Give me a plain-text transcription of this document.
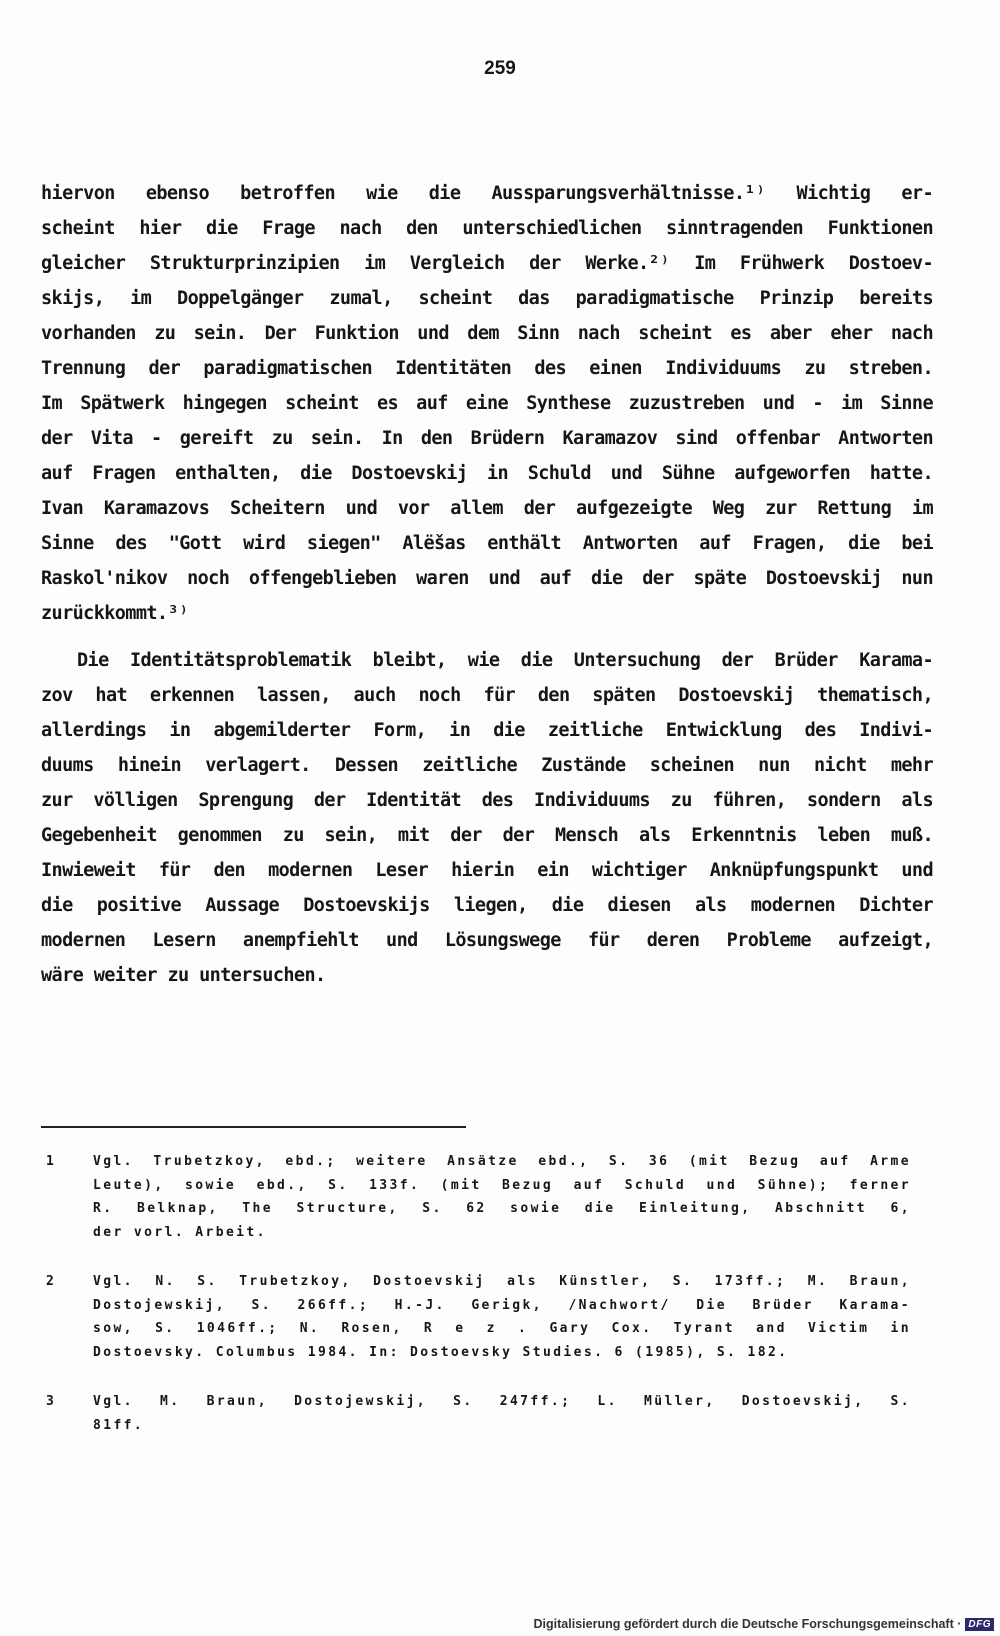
259
hiervon ebenso betroffen wie die Aussparungsverhältnisse.¹⁾ Wichtig er-
scheint hier die Frage nach den unterschiedlichen sinntragenden Funktionen
gleicher Strukturprinzipien im Vergleich der Werke.²⁾ Im Frühwerk Dostoev-
skijs, im Doppelgänger zumal, scheint das paradigmatische Prinzip bereits
vorhanden zu sein. Der Funktion und dem Sinn nach scheint es aber eher nach
Trennung der paradigmatischen Identitäten des einen Individuums zu streben.
Im Spätwerk hingegen scheint es auf eine Synthese zuzustreben und - im Sinne
der Vita - gereift zu sein. In den Brüdern Karamazov sind offenbar Antworten
auf Fragen enthalten, die Dostoevskij in Schuld und Sühne aufgeworfen hatte.
Ivan Karamazovs Scheitern und vor allem der aufgezeigte Weg zur Rettung im
Sinne des "Gott wird siegen" Alëšas enthält Antworten auf Fragen, die bei
Raskol'nikov noch offengeblieben waren und auf die der späte Dostoevskij nun
zurückkommt.³⁾
Die Identitätsproblematik bleibt, wie die Untersuchung der Brüder Karama-
zov hat erkennen lassen, auch noch für den späten Dostoevskij thematisch,
allerdings in abgemilderter Form, in die zeitliche Entwicklung des Indivi-
duums hinein verlagert. Dessen zeitliche Zustände scheinen nun nicht mehr
zur völligen Sprengung der Identität des Individuums zu führen, sondern als
Gegebenheit genommen zu sein, mit der der Mensch als Erkenntnis leben muß.
Inwieweit für den modernen Leser hierin ein wichtiger Anknüpfungspunkt und
die positive Aussage Dostoevskijs liegen, die diesen als modernen Dichter
modernen Lesern anempfiehlt und Lösungswege für deren Probleme aufzeigt,
wäre weiter zu untersuchen.
1	Vgl. Trubetzkoy, ebd.; weitere Ansätze ebd., S. 36 (mit Bezug auf Arme
Leute), sowie ebd., S. 133f. (mit Bezug auf Schuld und Sühne); ferner
R. Belknap, The Structure, S. 62 sowie die Einleitung, Abschnitt 6,
der vorl. Arbeit.
2	Vgl. N. S. Trubetzkoy, Dostoevskij als Künstler, S. 173ff.; M. Braun,
Dostojewskij, S. 266ff.; H.-J. Gerigk, /Nachwort/ Die Brüder Karama-
sow, S. 1046ff.; N. Rosen, R e z . Gary Cox. Tyrant and Victim in
Dostoevsky. Columbus 1984. In: Dostoevsky Studies. 6 (1985), S. 182.
3	Vgl. M. Braun, Dostojewskij, S. 247ff.; L. Müller, Dostoevskij, S.
81ff.
Digitalisierung gefördert durch die Deutsche Forschungsgemeinschaft · DFG
